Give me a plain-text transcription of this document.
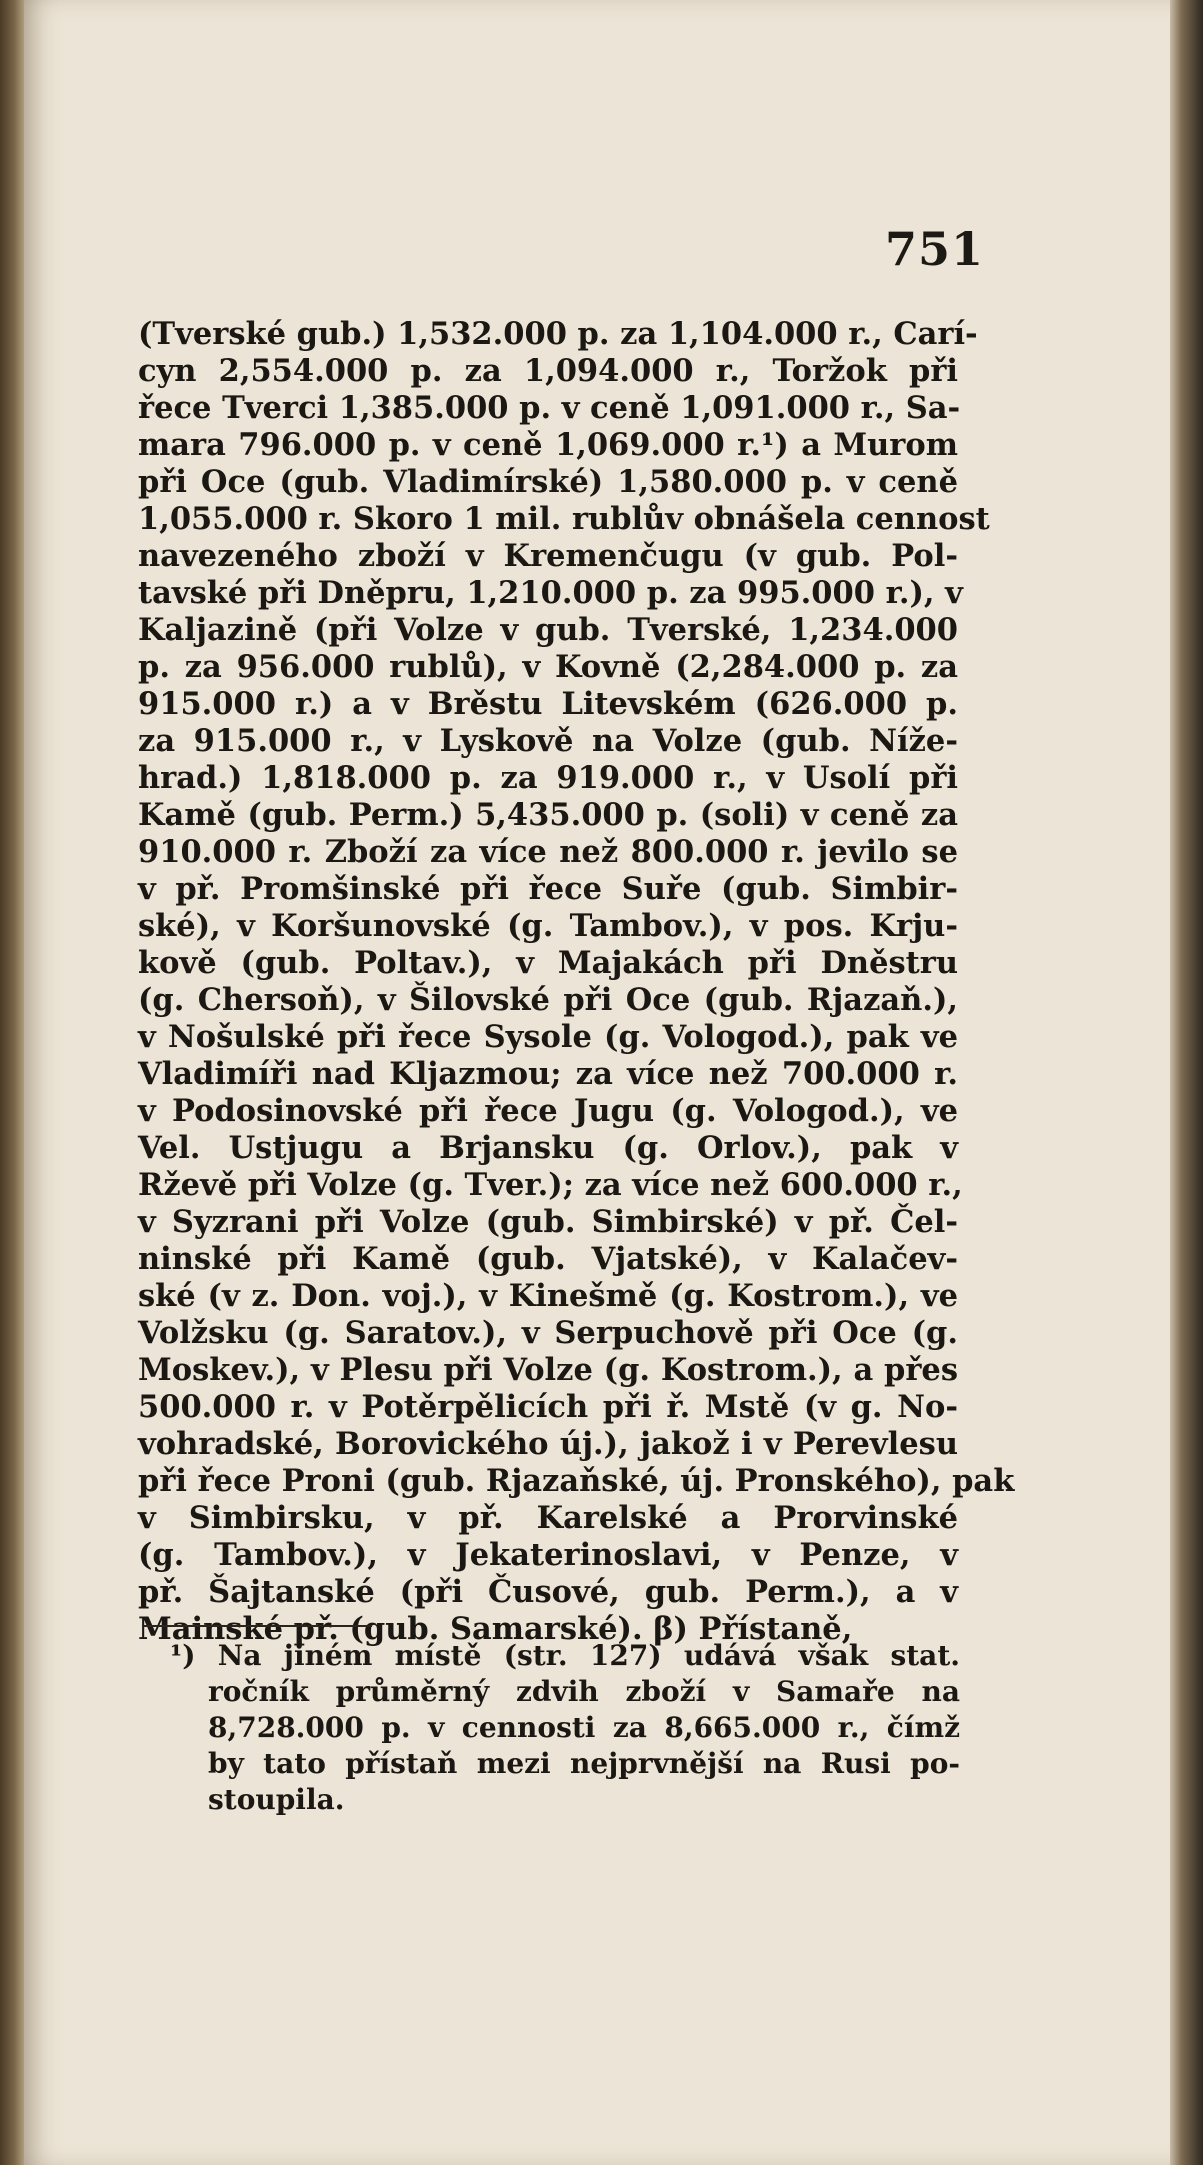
751
(Tverské gub.) 1,532.000 p. za 1,104.000 r., Carí-
cyn 2,554.000 p. za 1,094.000 r., Toržok při
řece Tverci 1,385.000 p. v ceně 1,091.000 r., Sa-
mara 796.000 p. v ceně 1,069.000 r.¹) a Murom
při Oce (gub. Vladimírské) 1,580.000 p. v ceně
1,055.000 r. Skoro 1 mil. rublův obnášela cennost
navezeného zboží v Kremenčugu (v gub. Pol-
tavské při Dněpru, 1,210.000 p. za 995.000 r.), v
Kaljazině (při Volze v gub. Tverské, 1,234.000
p. za 956.000 rublů), v Kovně (2,284.000 p. za
915.000 r.) a v Brěstu Litevském (626.000 p.
za 915.000 r., v Lyskově na Volze (gub. Níže-
hrad.) 1,818.000 p. za 919.000 r., v Usolí při
Kamě (gub. Perm.) 5,435.000 p. (soli) v ceně za
910.000 r. Zboží za více než 800.000 r. jevilo se
v př. Promšinské při řece Suře (gub. Simbir-
ské), v Koršunovské (g. Tambov.), v pos. Krju-
kově (gub. Poltav.), v Majakách při Dněstru
(g. Chersoň), v Šilovské při Oce (gub. Rjazaň.),
v Nošulské při řece Sysole (g. Vologod.), pak ve
Vladimíři nad Kljazmou; za více než 700.000 r.
v Podosinovské při řece Jugu (g. Vologod.), ve
Vel. Ustjugu a Brjansku (g. Orlov.), pak v
Rževě při Volze (g. Tver.); za více než 600.000 r.,
v Syzrani při Volze (gub. Simbirské) v př. Čel-
ninské při Kamě (gub. Vjatské), v Kalačev-
ské (v z. Don. voj.), v Kinešmě (g. Kostrom.), ve
Volžsku (g. Saratov.), v Serpuchově při Oce (g.
Moskev.), v Plesu při Volze (g. Kostrom.), a přes
500.000 r. v Potěrpělicích při ř. Mstě (v g. No-
vohradské, Borovického új.), jakož i v Perevlesu
při řece Proni (gub. Rjazaňské, új. Pronského), pak
v Simbirsku, v př. Karelské a Prorvinské
(g. Tambov.), v Jekaterinoslavi, v Penze, v
př. Šajtanské (při Čusové, gub. Perm.), a v
Mainské př. (gub. Samarské). β) Přístaně,
¹) Na jiném místě (str. 127) udává však stat.
ročník průměrný zdvih zboží v Samaře na
8,728.000 p. v cennosti za 8,665.000 r., čímž
by tato přístaň mezi nejprvnější na Rusi po-
stoupila.
